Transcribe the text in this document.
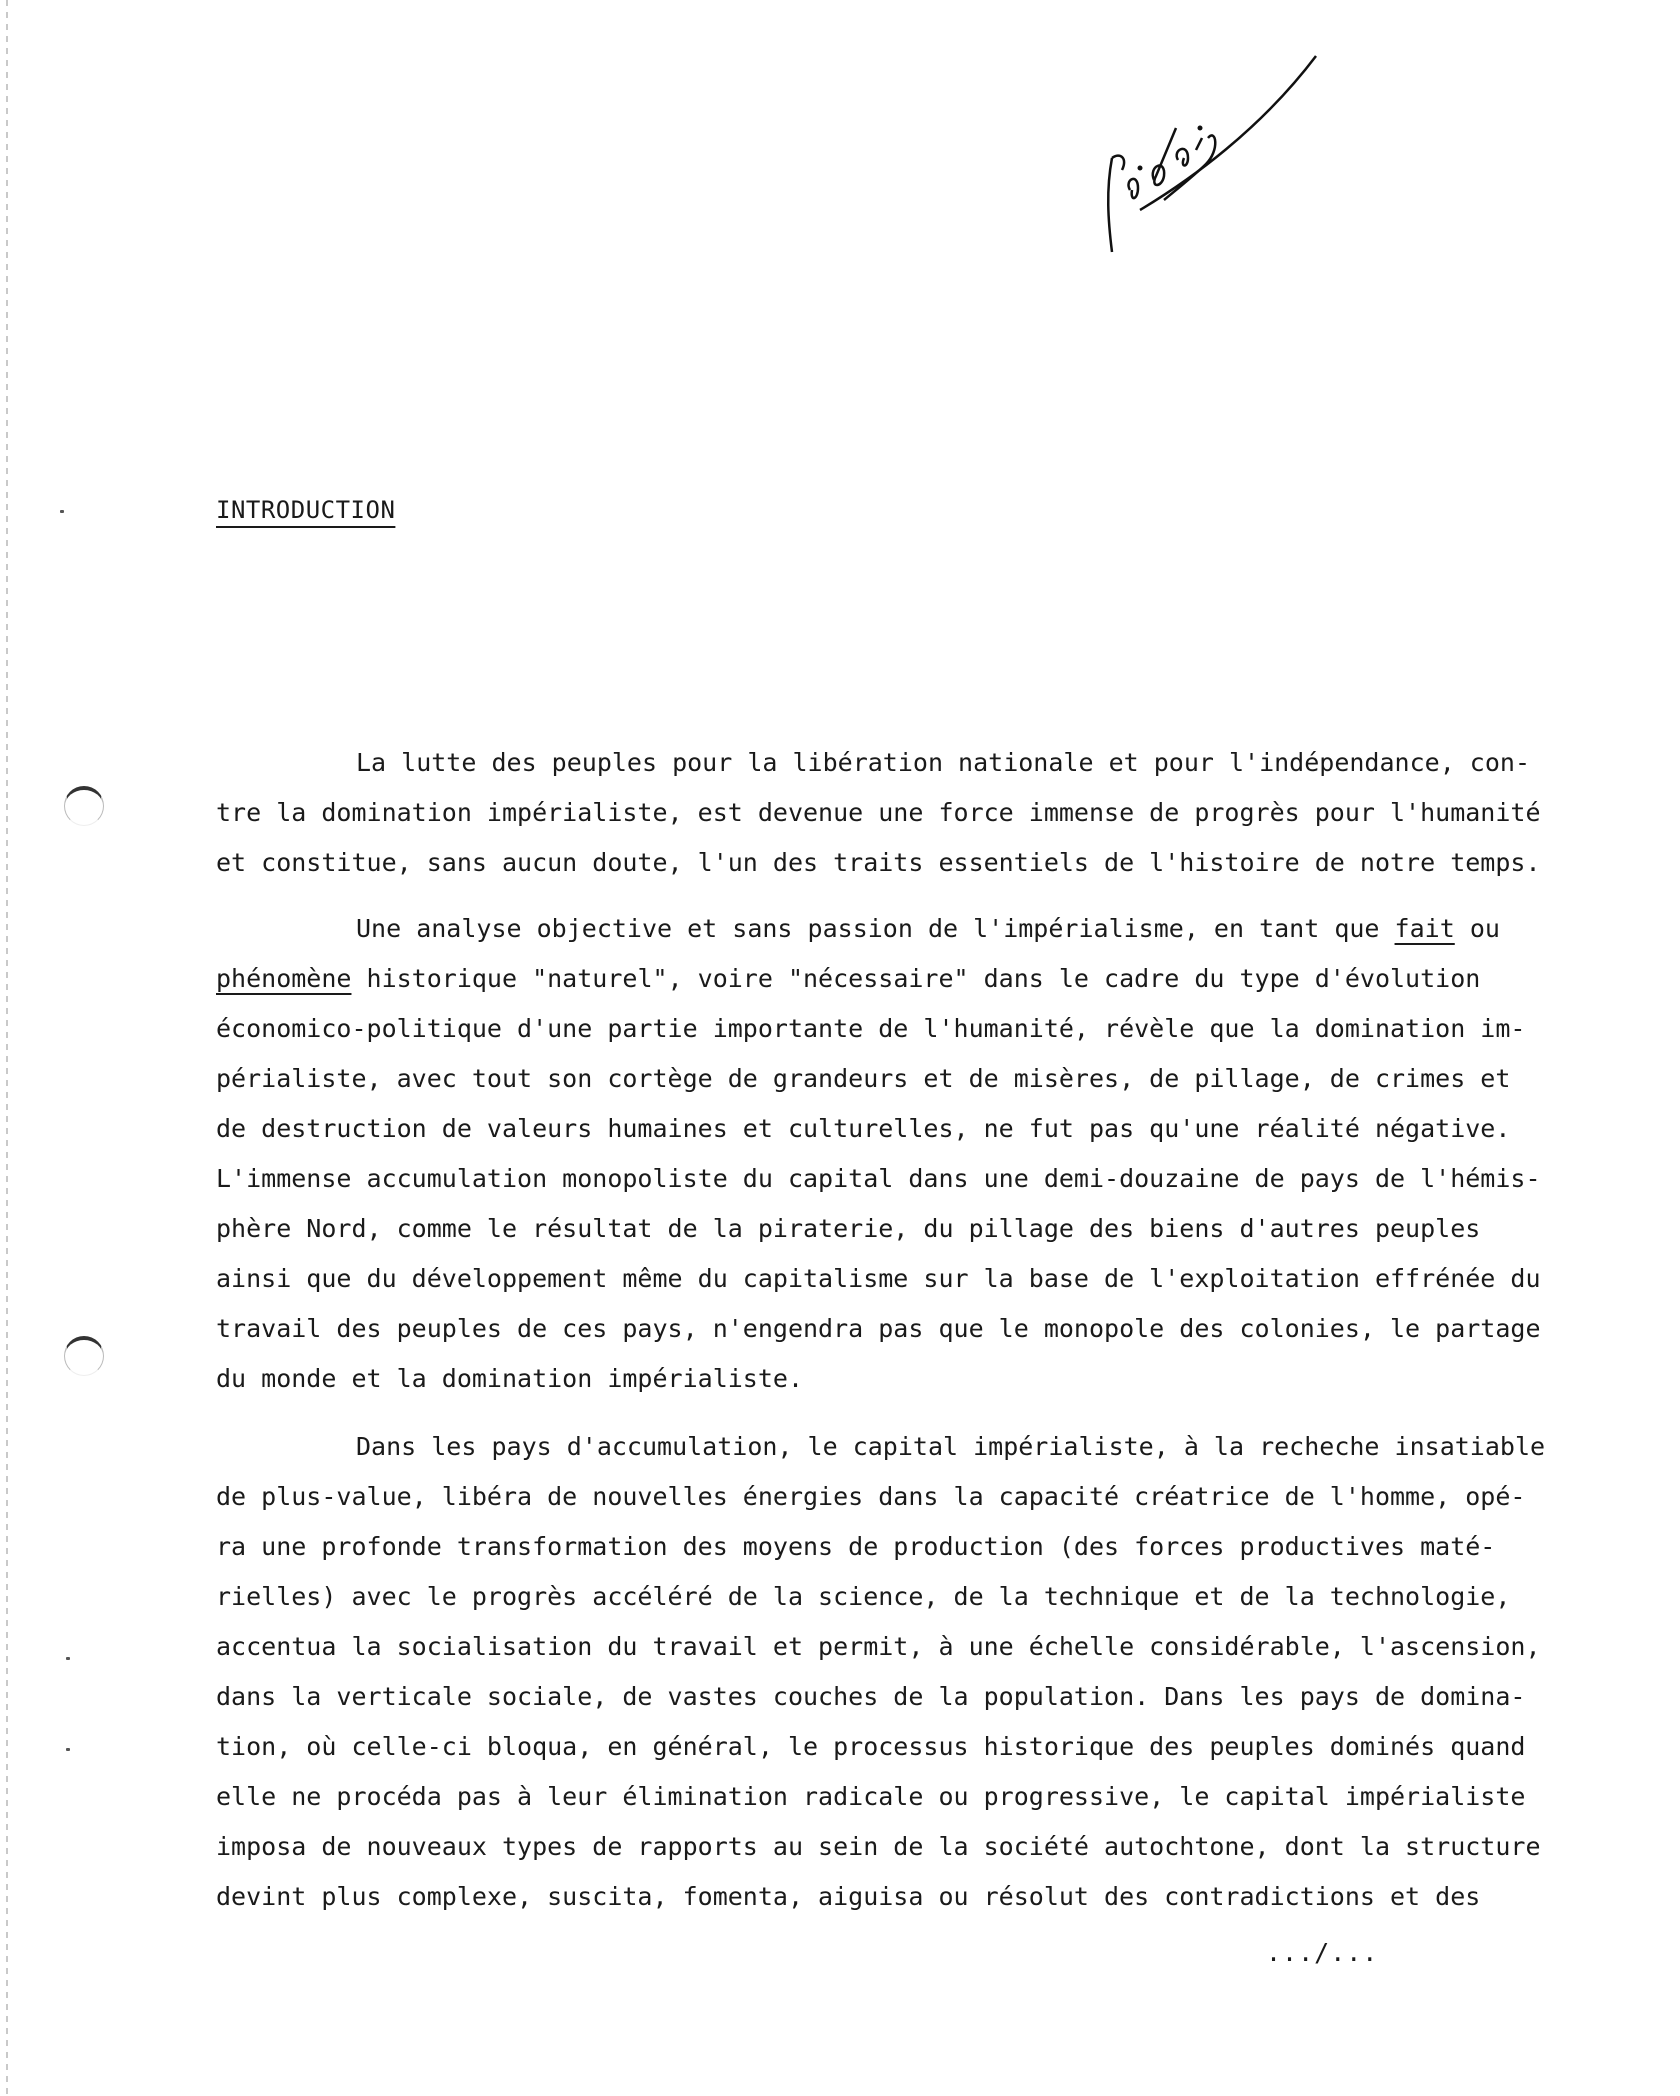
INTRODUCTION
La lutte des peuples pour la libération nationale et pour l'indépendance, con-
tre la domination impérialiste, est devenue une force immense de progrès pour l'humanité
et constitue, sans aucun doute, l'un des traits essentiels de l'histoire de notre temps.
Une analyse objective et sans passion de l'impérialisme, en tant que fait ou
phénomène historique "naturel", voire "nécessaire" dans le cadre du type d'évolution
économico-politique d'une partie importante de l'humanité, révèle que la domination im-
périaliste, avec tout son cortège de grandeurs et de misères, de pillage, de crimes et
de destruction de valeurs humaines et culturelles, ne fut pas qu'une réalité négative.
L'immense accumulation monopoliste du capital dans une demi-douzaine de pays de l'hémis-
phère Nord, comme le résultat de la piraterie, du pillage des biens d'autres peuples
ainsi que du développement même du capitalisme sur la base de l'exploitation effrénée du
travail des peuples de ces pays, n'engendra pas que le monopole des colonies, le partage
du monde et la domination impérialiste.
Dans les pays d'accumulation, le capital impérialiste, à la recheche insatiable
de plus-value, libéra de nouvelles énergies dans la capacité créatrice de l'homme, opé-
ra une profonde transformation des moyens de production (des forces productives maté-
rielles) avec le progrès accéléré de la science, de la technique et de la technologie,
accentua la socialisation du travail et permit, à une échelle considérable, l'ascension,
dans la verticale sociale, de vastes couches de la population. Dans les pays de domina-
tion, où celle-ci bloqua, en général, le processus historique des peuples dominés quand
elle ne procéda pas à leur élimination radicale ou progressive, le capital impérialiste
imposa de nouveaux types de rapports au sein de la société autochtone, dont la structure
devint plus complexe, suscita, fomenta, aiguisa ou résolut des contradictions et des
.../...
